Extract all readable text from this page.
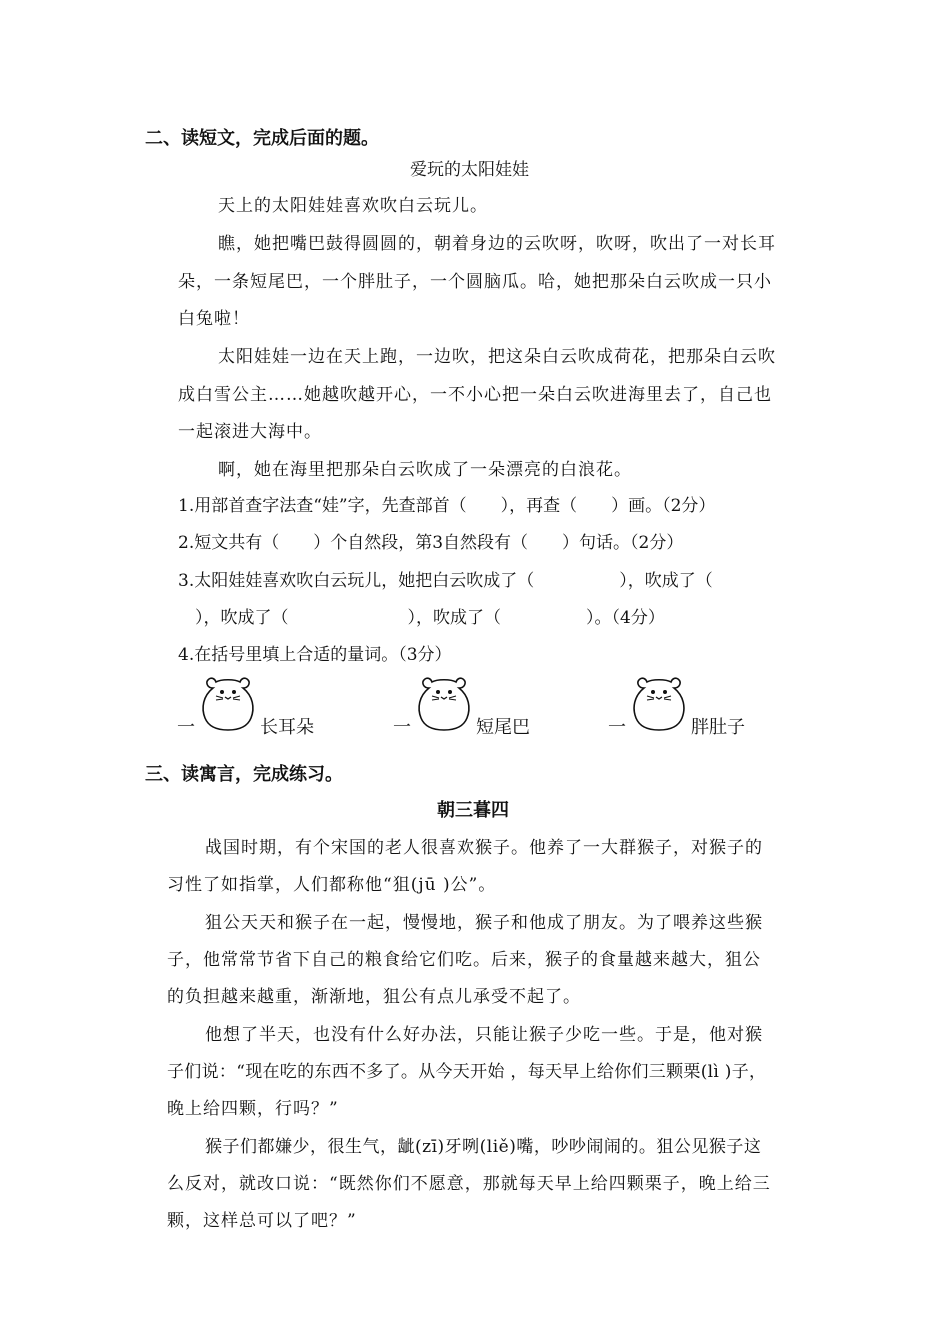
二、读短文，完成后面的题。
爱玩的太阳娃娃
天上的太阳娃娃喜欢吹白云玩儿。
瞧，她把嘴巴鼓得圆圆的，朝着身边的云吹呀，吹呀，吹出了一对长耳
朵，一条短尾巴，一个胖肚子，一个圆脑瓜。哈，她把那朵白云吹成一只小
白兔啦！
太阳娃娃一边在天上跑，一边吹，把这朵白云吹成荷花，把那朵白云吹
成白雪公主……她越吹越开心，一不小心把一朵白云吹进海里去了，自己也
一起滚进大海中。
啊，她在海里把那朵白云吹成了一朵漂亮的白浪花。
1.用部首查字法查“娃”字，先查部首（　　），再查（　　）画。（2分）
2.短文共有（　　）个自然段，第3自然段有（　　）句话。（2分）
3.太阳娃娃喜欢吹白云玩儿，她把白云吹成了（　　　　　），吹成了（
　），吹成了（　　　　　　　），吹成了（　　　　　）。（4分）
4.在括号里填上合适的量词。（3分）
一	长耳朵	一	短尾巴	一	胖肚子
三、读寓言，完成练习。
朝三暮四
战国时期，有个宋国的老人很喜欢猴子。他养了一大群猴子，对猴子的
习性了如指掌，人们都称他“狙(jū )公”。
狙公天天和猴子在一起，慢慢地，猴子和他成了朋友。为了喂养这些猴
子，他常常节省下自己的粮食给它们吃。后来，猴子的食量越来越大，狙公
的负担越来越重，渐渐地，狙公有点儿承受不起了。
他想了半天，也没有什么好办法，只能让猴子少吃一些。于是，他对猴
子们说：“现在吃的东西不多了。从今天开始 ，每天早上给你们三颗栗(lì )子，
晚上给四颗，行吗？”
猴子们都嫌少，很生气，龇(zī)牙咧(liě)嘴，吵吵闹闹的。狙公见猴子这
么反对，就改口说：“既然你们不愿意，那就每天早上给四颗栗子，晚上给三
颗，这样总可以了吧？”
